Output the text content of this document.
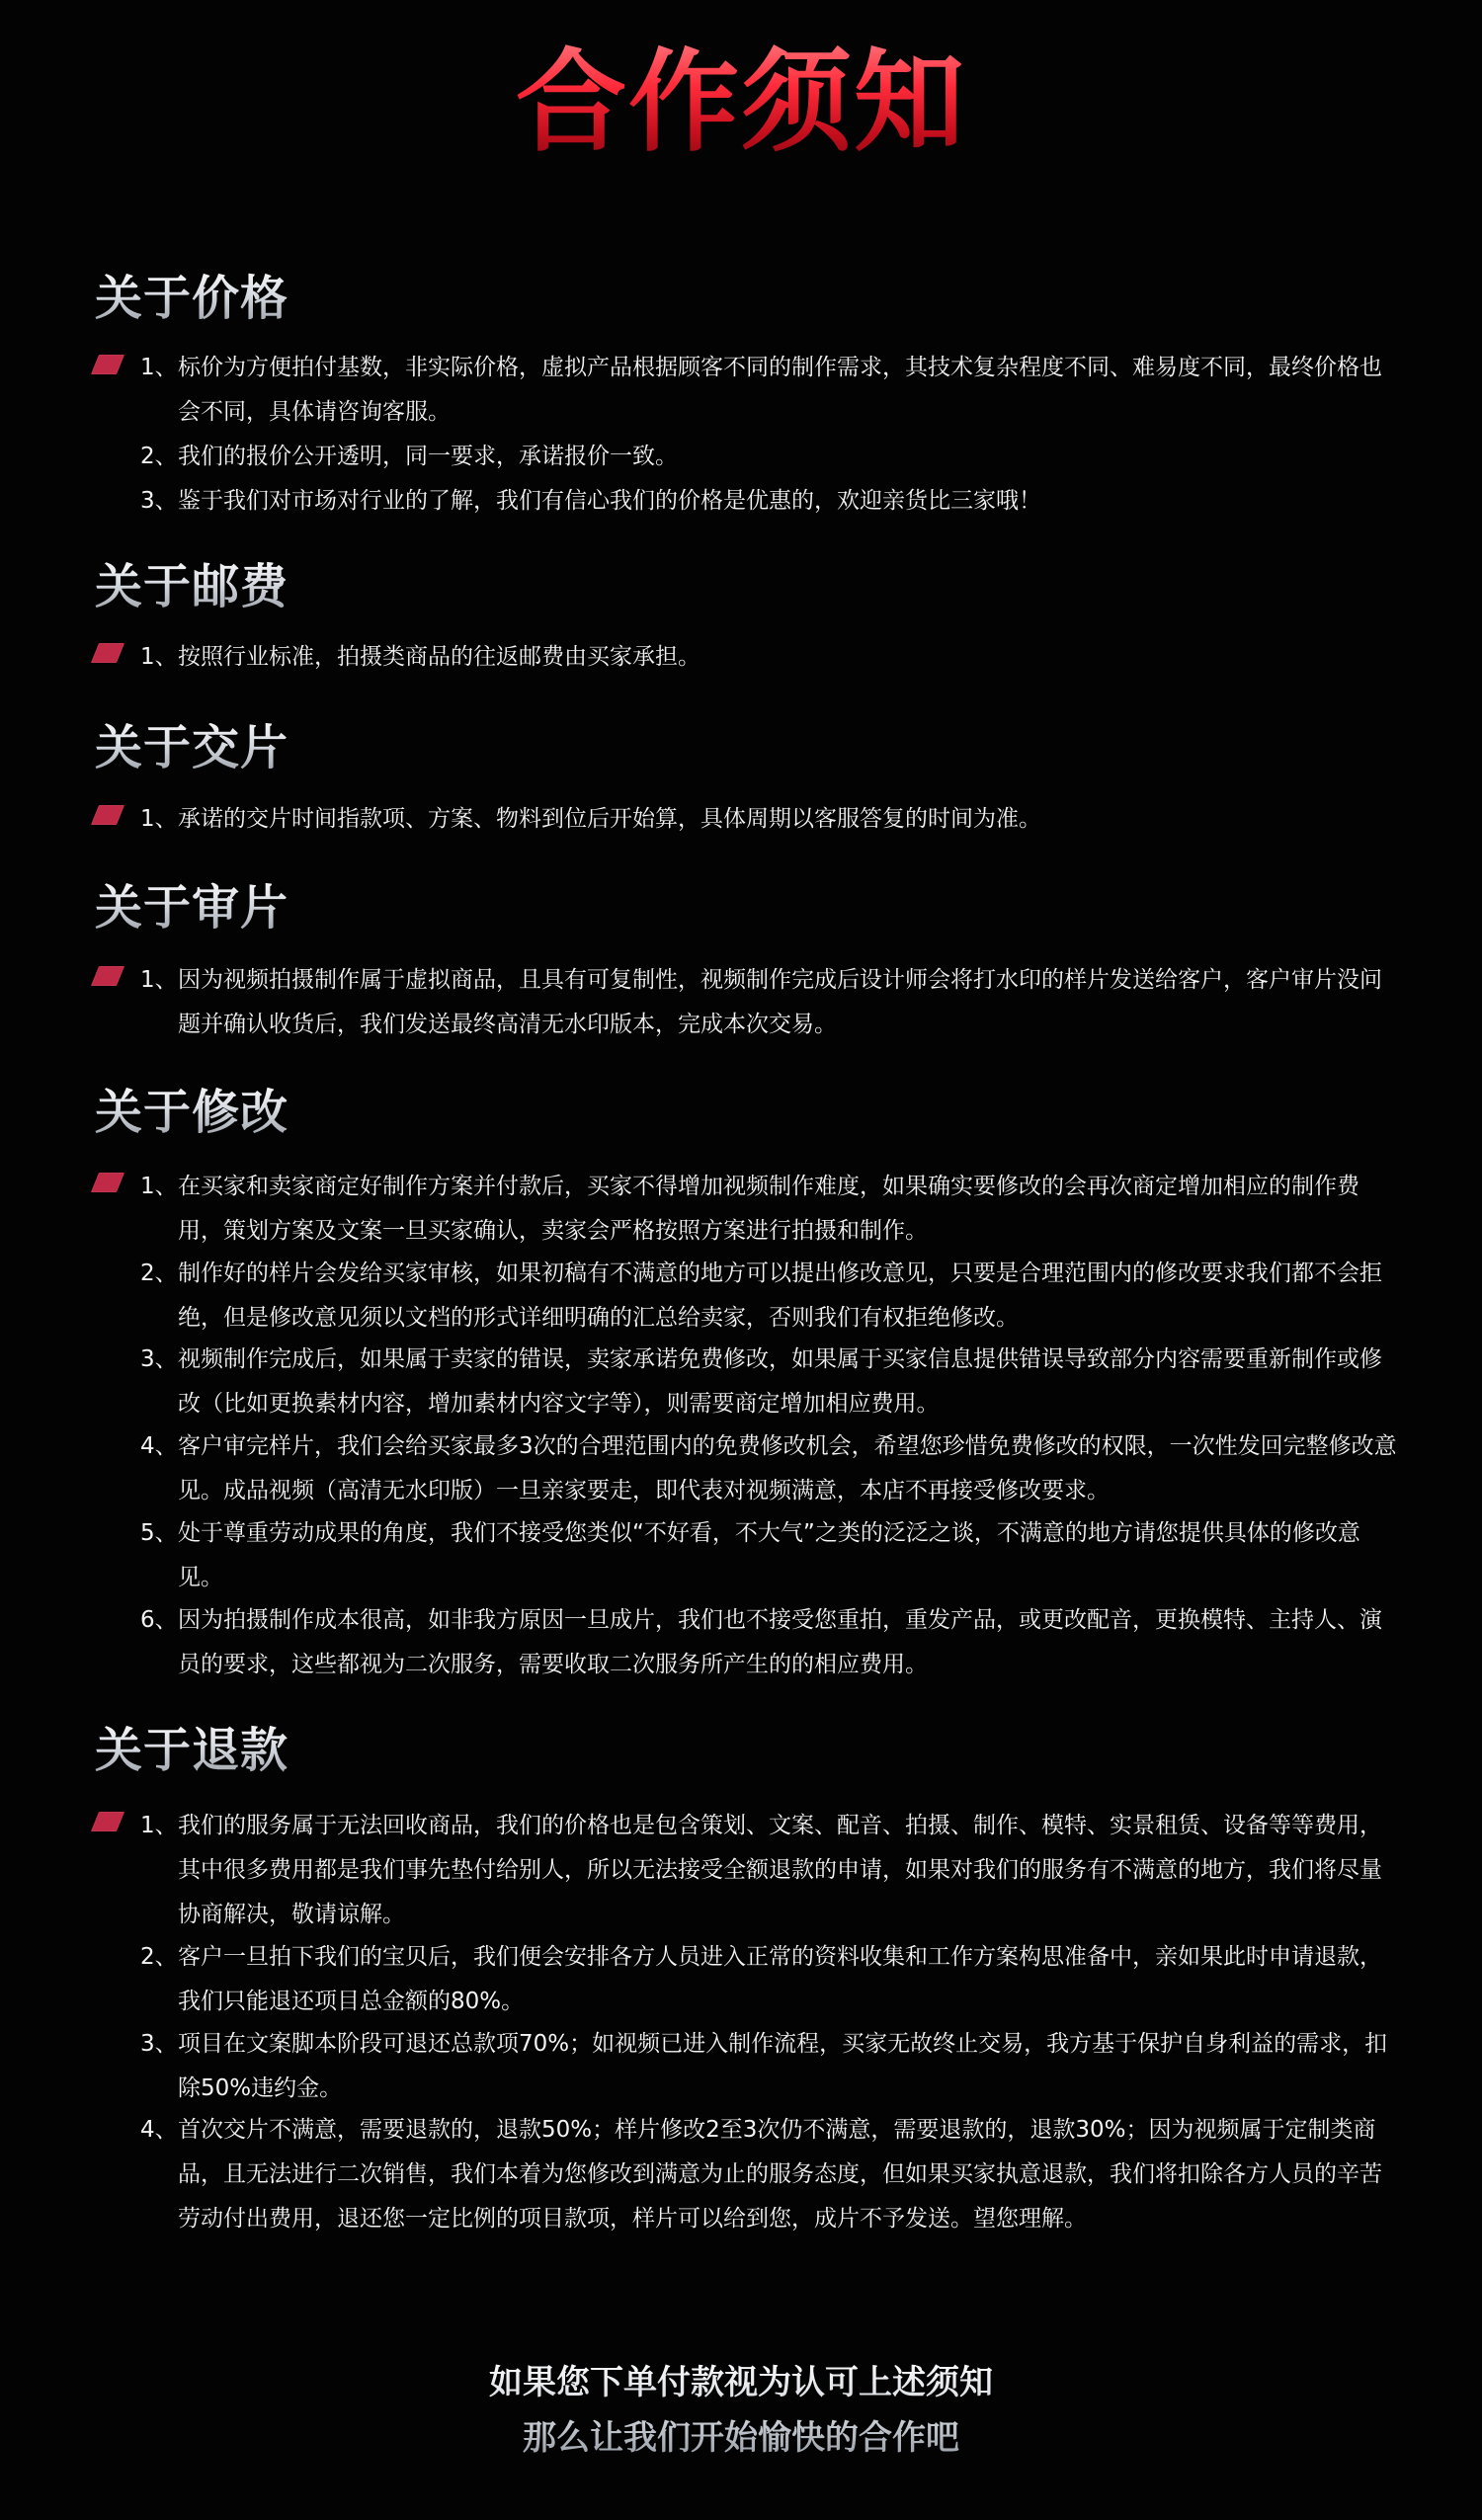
合作须知
关于价格
1、 标价为方便拍付基数，非实际价格，虚拟产品根据顾客不同的制作需求，其技术复杂程度不同、难易度不同，最终价格也会不同，具体请咨询客服。
2、 我们的报价公开透明，同一要求，承诺报价一致。
3、 鉴于我们对市场对行业的了解，我们有信心我们的价格是优惠的，欢迎亲货比三家哦！
关于邮费
1、 按照行业标准，拍摄类商品的往返邮费由买家承担。
关于交片
1、 承诺的交片时间指款项、方案、物料到位后开始算，具体周期以客服答复的时间为准。
关于审片
1、 因为视频拍摄制作属于虚拟商品，且具有可复制性，视频制作完成后设计师会将打水印的样片发送给客户，客户审片没问题并确认收货后，我们发送最终高清无水印版本，完成本次交易。
关于修改
1、 在买家和卖家商定好制作方案并付款后，买家不得增加视频制作难度，如果确实要修改的会再次商定增加相应的制作费用，策划方案及文案一旦买家确认，卖家会严格按照方案进行拍摄和制作。
2、 制作好的样片会发给买家审核，如果初稿有不满意的地方可以提出修改意见，只要是合理范围内的修改要求我们都不会拒绝，但是修改意见须以文档的形式详细明确的汇总给卖家，否则我们有权拒绝修改。
3、 视频制作完成后，如果属于卖家的错误，卖家承诺免费修改，如果属于买家信息提供错误导致部分内容需要重新制作或修改（比如更换素材内容，增加素材内容文字等），则需要商定增加相应费用。
4、 客户审完样片，我们会给买家最多3次的合理范围内的免费修改机会，希望您珍惜免费修改的权限，一次性发回完整修改意见。成品视频（高清无水印版）一旦亲家要走，即代表对视频满意，本店不再接受修改要求。
5、 处于尊重劳动成果的角度，我们不接受您类似“不好看，不大气”之类的泛泛之谈，不满意的地方请您提供具体的修改意见。
6、 因为拍摄制作成本很高，如非我方原因一旦成片，我们也不接受您重拍，重发产品，或更改配音，更换模特、主持人、演员的要求，这些都视为二次服务，需要收取二次服务所产生的的相应费用。
关于退款
1、 我们的服务属于无法回收商品，我们的价格也是包含策划、文案、配音、拍摄、制作、模特、实景租赁、设备等等费用，其中很多费用都是我们事先垫付给别人，所以无法接受全额退款的申请，如果对我们的服务有不满意的地方，我们将尽量协商解决，敬请谅解。
2、 客户一旦拍下我们的宝贝后，我们便会安排各方人员进入正常的资料收集和工作方案构思准备中，亲如果此时申请退款，我们只能退还项目总金额的80%。
3、 项目在文案脚本阶段可退还总款项70%；如视频已进入制作流程，买家无故终止交易，我方基于保护自身利益的需求，扣除50%违约金。
4、 首次交片不满意，需要退款的，退款50%；样片修改2至3次仍不满意，需要退款的，退款30%；因为视频属于定制类商品，且无法进行二次销售，我们本着为您修改到满意为止的服务态度，但如果买家执意退款，我们将扣除各方人员的辛苦劳动付出费用，退还您一定比例的项目款项，样片可以给到您，成片不予发送。望您理解。
如果您下单付款视为认可上述须知
那么让我们开始愉快的合作吧
